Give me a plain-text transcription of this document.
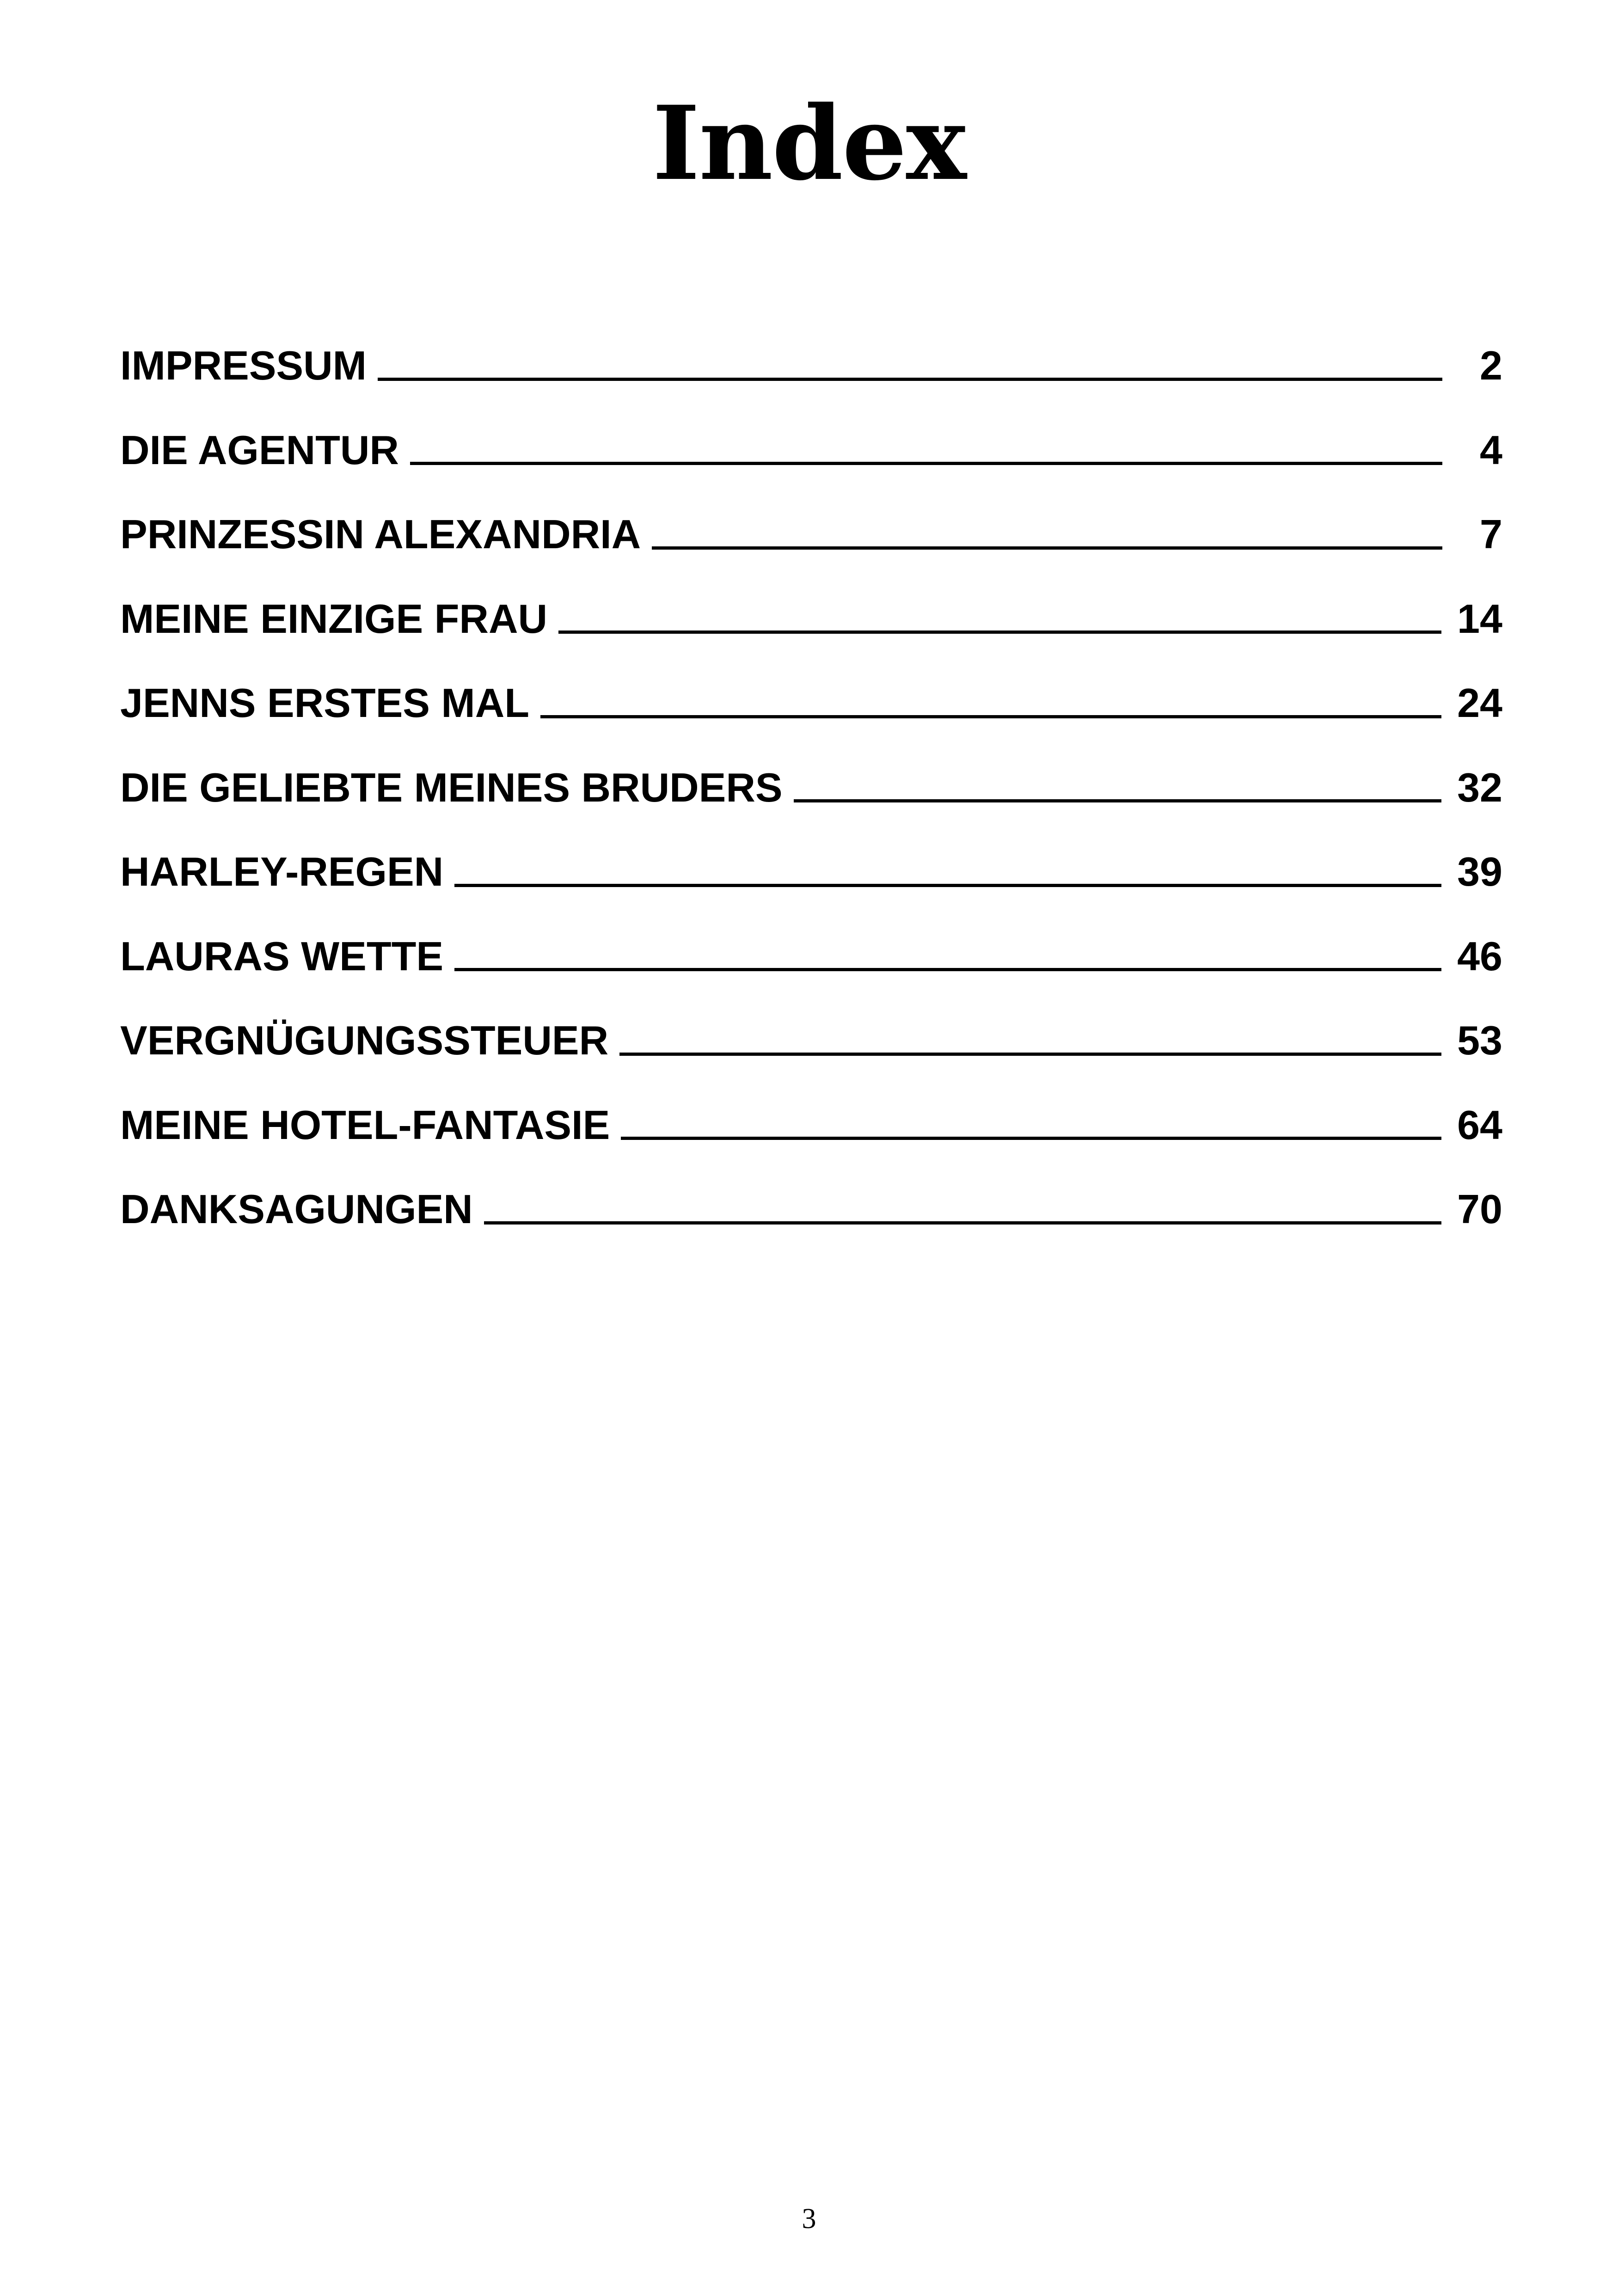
Index
IMPRESSUM	2
DIE AGENTUR	4
PRINZESSIN ALEXANDRIA	7
MEINE EINZIGE FRAU	14
JENNS ERSTES MAL	24
DIE GELIEBTE MEINES BRUDERS	32
HARLEY-REGEN	39
LAURAS WETTE	46
VERGNÜGUNGSSTEUER	53
MEINE HOTEL-FANTASIE	64
DANKSAGUNGEN	70

3
